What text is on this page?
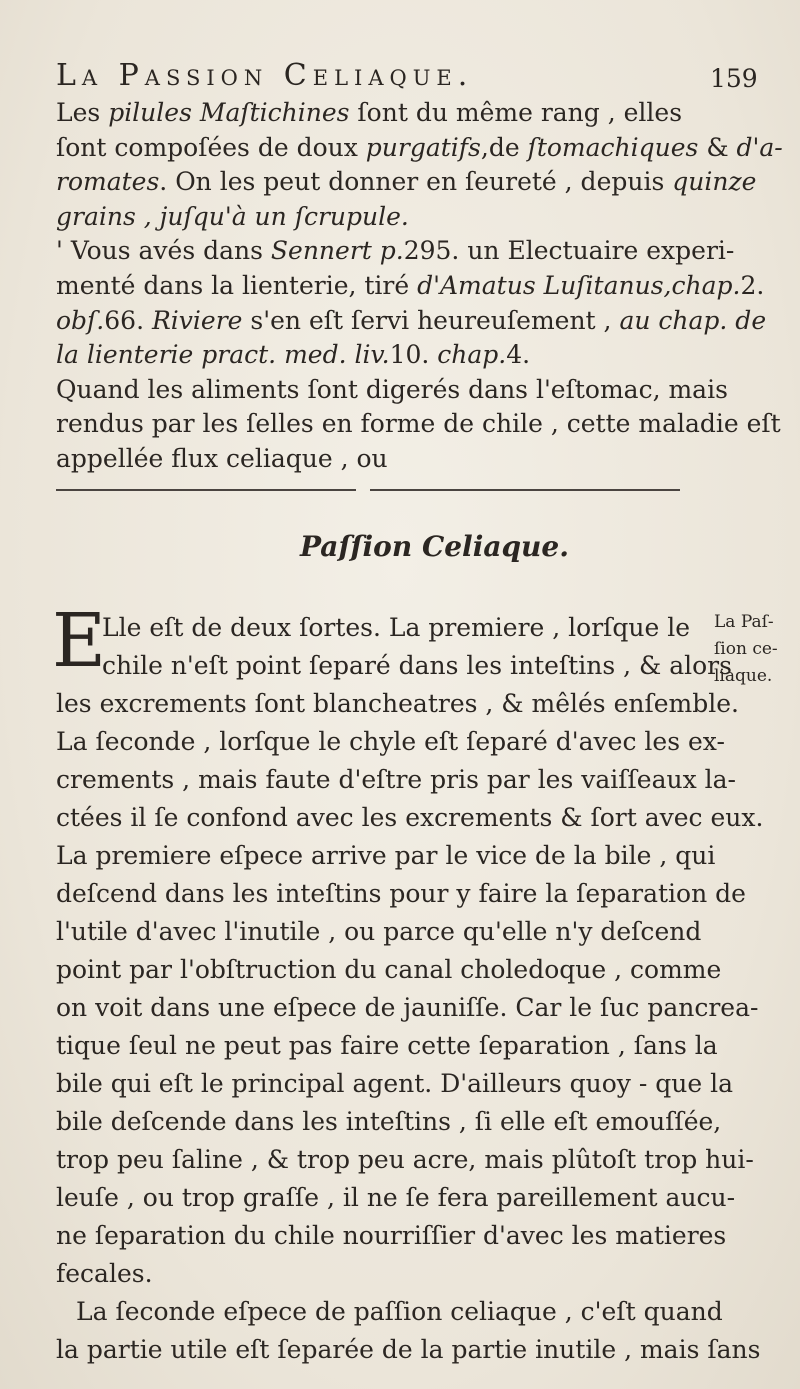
La Passion Celiaque.	159
Les pilules Maſtichines ſont du même rang , elles
ſont compoſées de doux purgatifs,de ſtomachiques & d'a-
romates. On les peut donner en ſeureté , depuis quinze
grains , juſqu'à un ſcrupule.
' Vous avés dans Sennert p.295. un Electuaire experi-
menté dans la lienterie, tiré d'Amatus Luſitanus,chap.2.
obſ.66. Riviere s'en eſt ſervi heureuſement , au chap. de
la lienterie pract. med. liv.10. chap.4.
Quand les aliments ſont digerés dans l'eſtomac, mais
rendus par les ſelles en forme de chile , cette maladie eſt
appellée flux celiaque , ou
Paſſion Celiaque.
E
Lle eſt de deux ſortes. La premiere , lorſque le
chile n'eſt point ſeparé dans les inteſtins , & alors
les excrements ſont blancheatres , & mêlés enſemble.
La ſeconde , lorſque le chyle eſt ſeparé d'avec les ex-
crements , mais faute d'eſtre pris par les vaiſſeaux la-
ctées il ſe confond avec les excrements & ſort avec eux.
La premiere eſpece arrive par le vice de la bile , qui
deſcend dans les inteſtins pour y faire la ſeparation de
l'utile d'avec l'inutile , ou parce qu'elle n'y deſcend
point par l'obſtruction du canal choledoque , comme
on voit dans une eſpece de jauniſſe. Car le ſuc pancrea-
tique ſeul ne peut pas faire cette ſeparation , ſans la
bile qui eſt le principal agent. D'ailleurs quoy - que la
bile deſcende dans les inteſtins , ſi elle eſt emouſſée,
trop peu ſaline , & trop peu acre, mais plûtoſt trop hui-
leuſe , ou trop graſſe , il ne ſe fera pareillement aucu-
ne ſeparation du chile nourriſſier d'avec les matieres
fecales.
La ſeconde eſpece de paſſion celiaque , c'eſt quand
la partie utile eſt ſeparée de la partie inutile , mais ſans
La Paſ-
ſion ce-
liaque.
